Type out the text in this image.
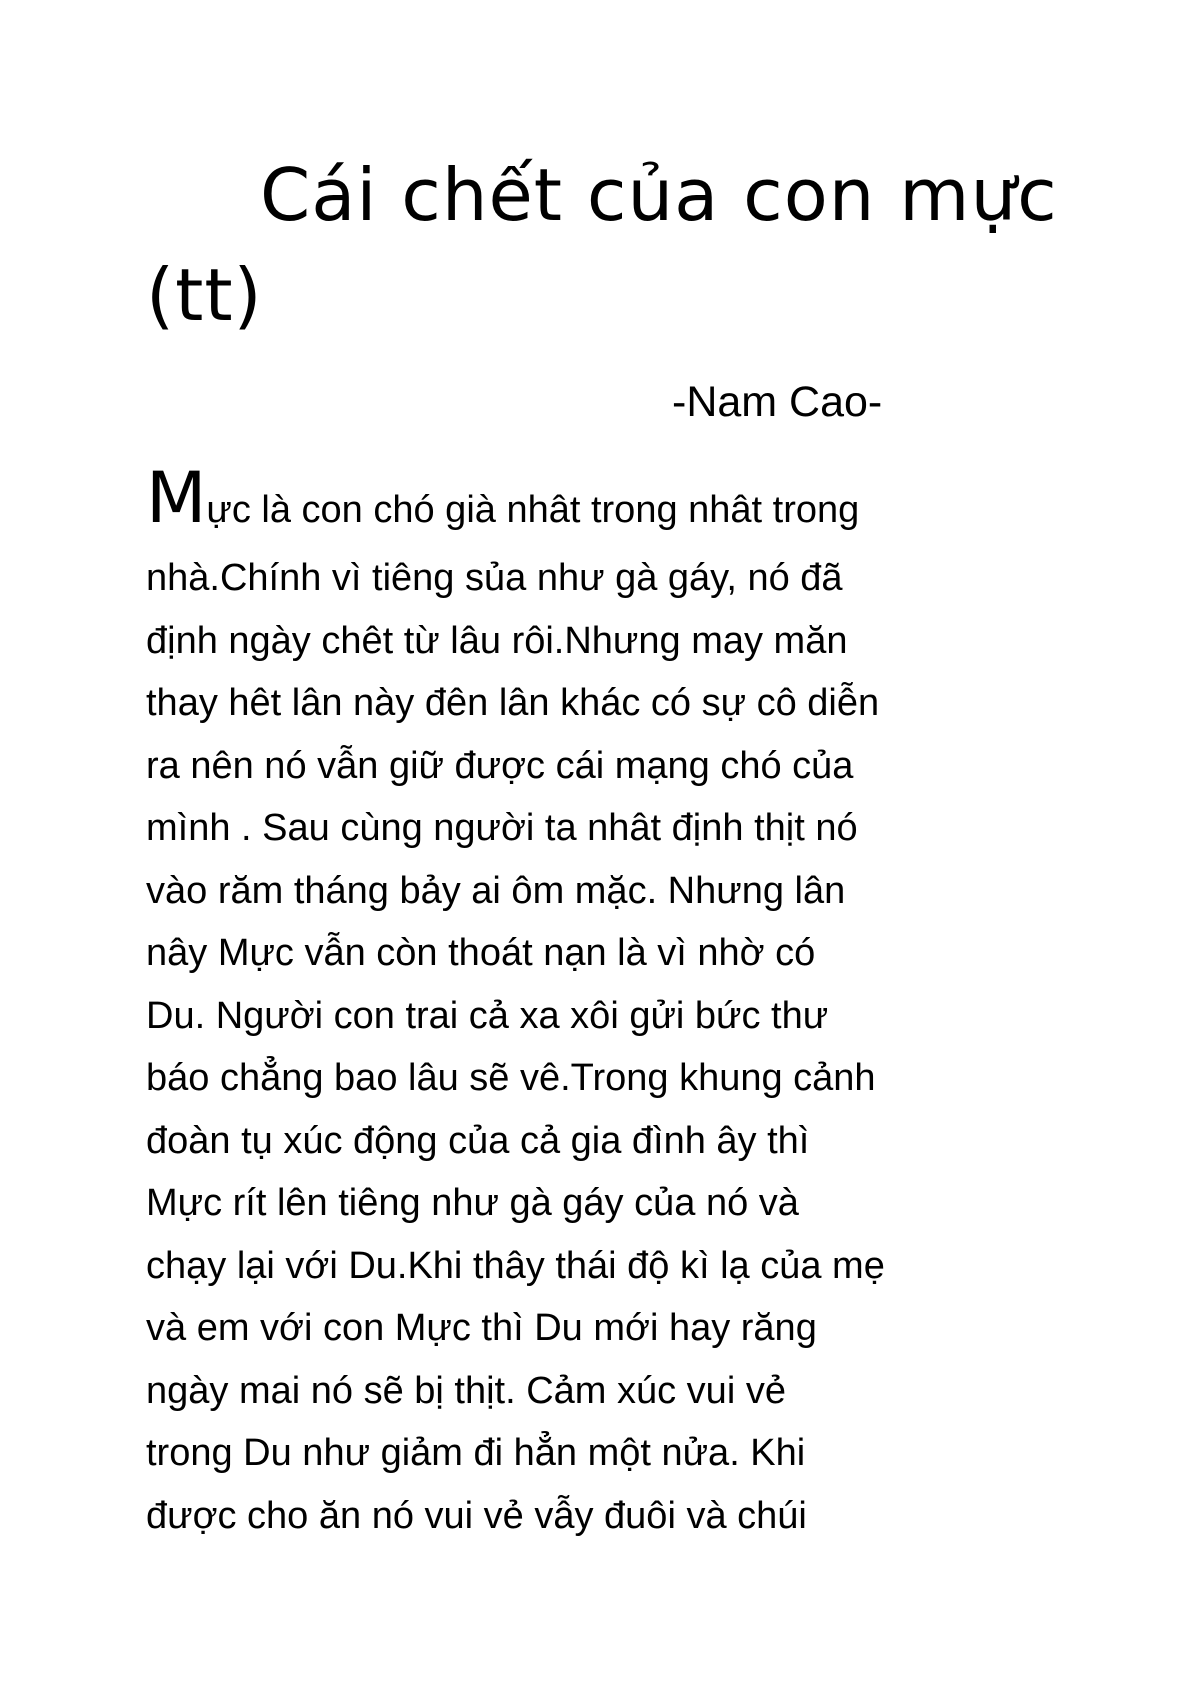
Cái chết của con mực (tt)

-Nam Cao-

Mực là con chó già nhât trong nhât trong
nhà.Chính vì tiêng sủa như gà gáy, nó đã
định ngày chêt từ lâu rôi.Nhưng may măn
thay hêt lân này đên lân khác có sự cô diễn
ra nên nó vẫn giữ được cái mạng chó của
mình . Sau cùng người ta nhât định thịt nó
vào răm tháng bảy ai ôm mặc. Nhưng lân
nây Mực vẫn còn thoát nạn là vì nhờ có
Du. Người con trai cả xa xôi gửi bức thư
báo chẳng bao lâu sẽ vê.Trong khung cảnh
đoàn tụ xúc động của cả gia đình ây thì
Mực rít lên tiêng như gà gáy của nó và
chạy lại với Du.Khi thây thái độ kì lạ của mẹ
và em với con Mực thì Du mới hay răng
ngày mai nó sẽ bị thịt. Cảm xúc vui vẻ
trong Du như giảm đi hẳn một nửa. Khi
được cho ăn nó vui vẻ vẫy đuôi và chúi
